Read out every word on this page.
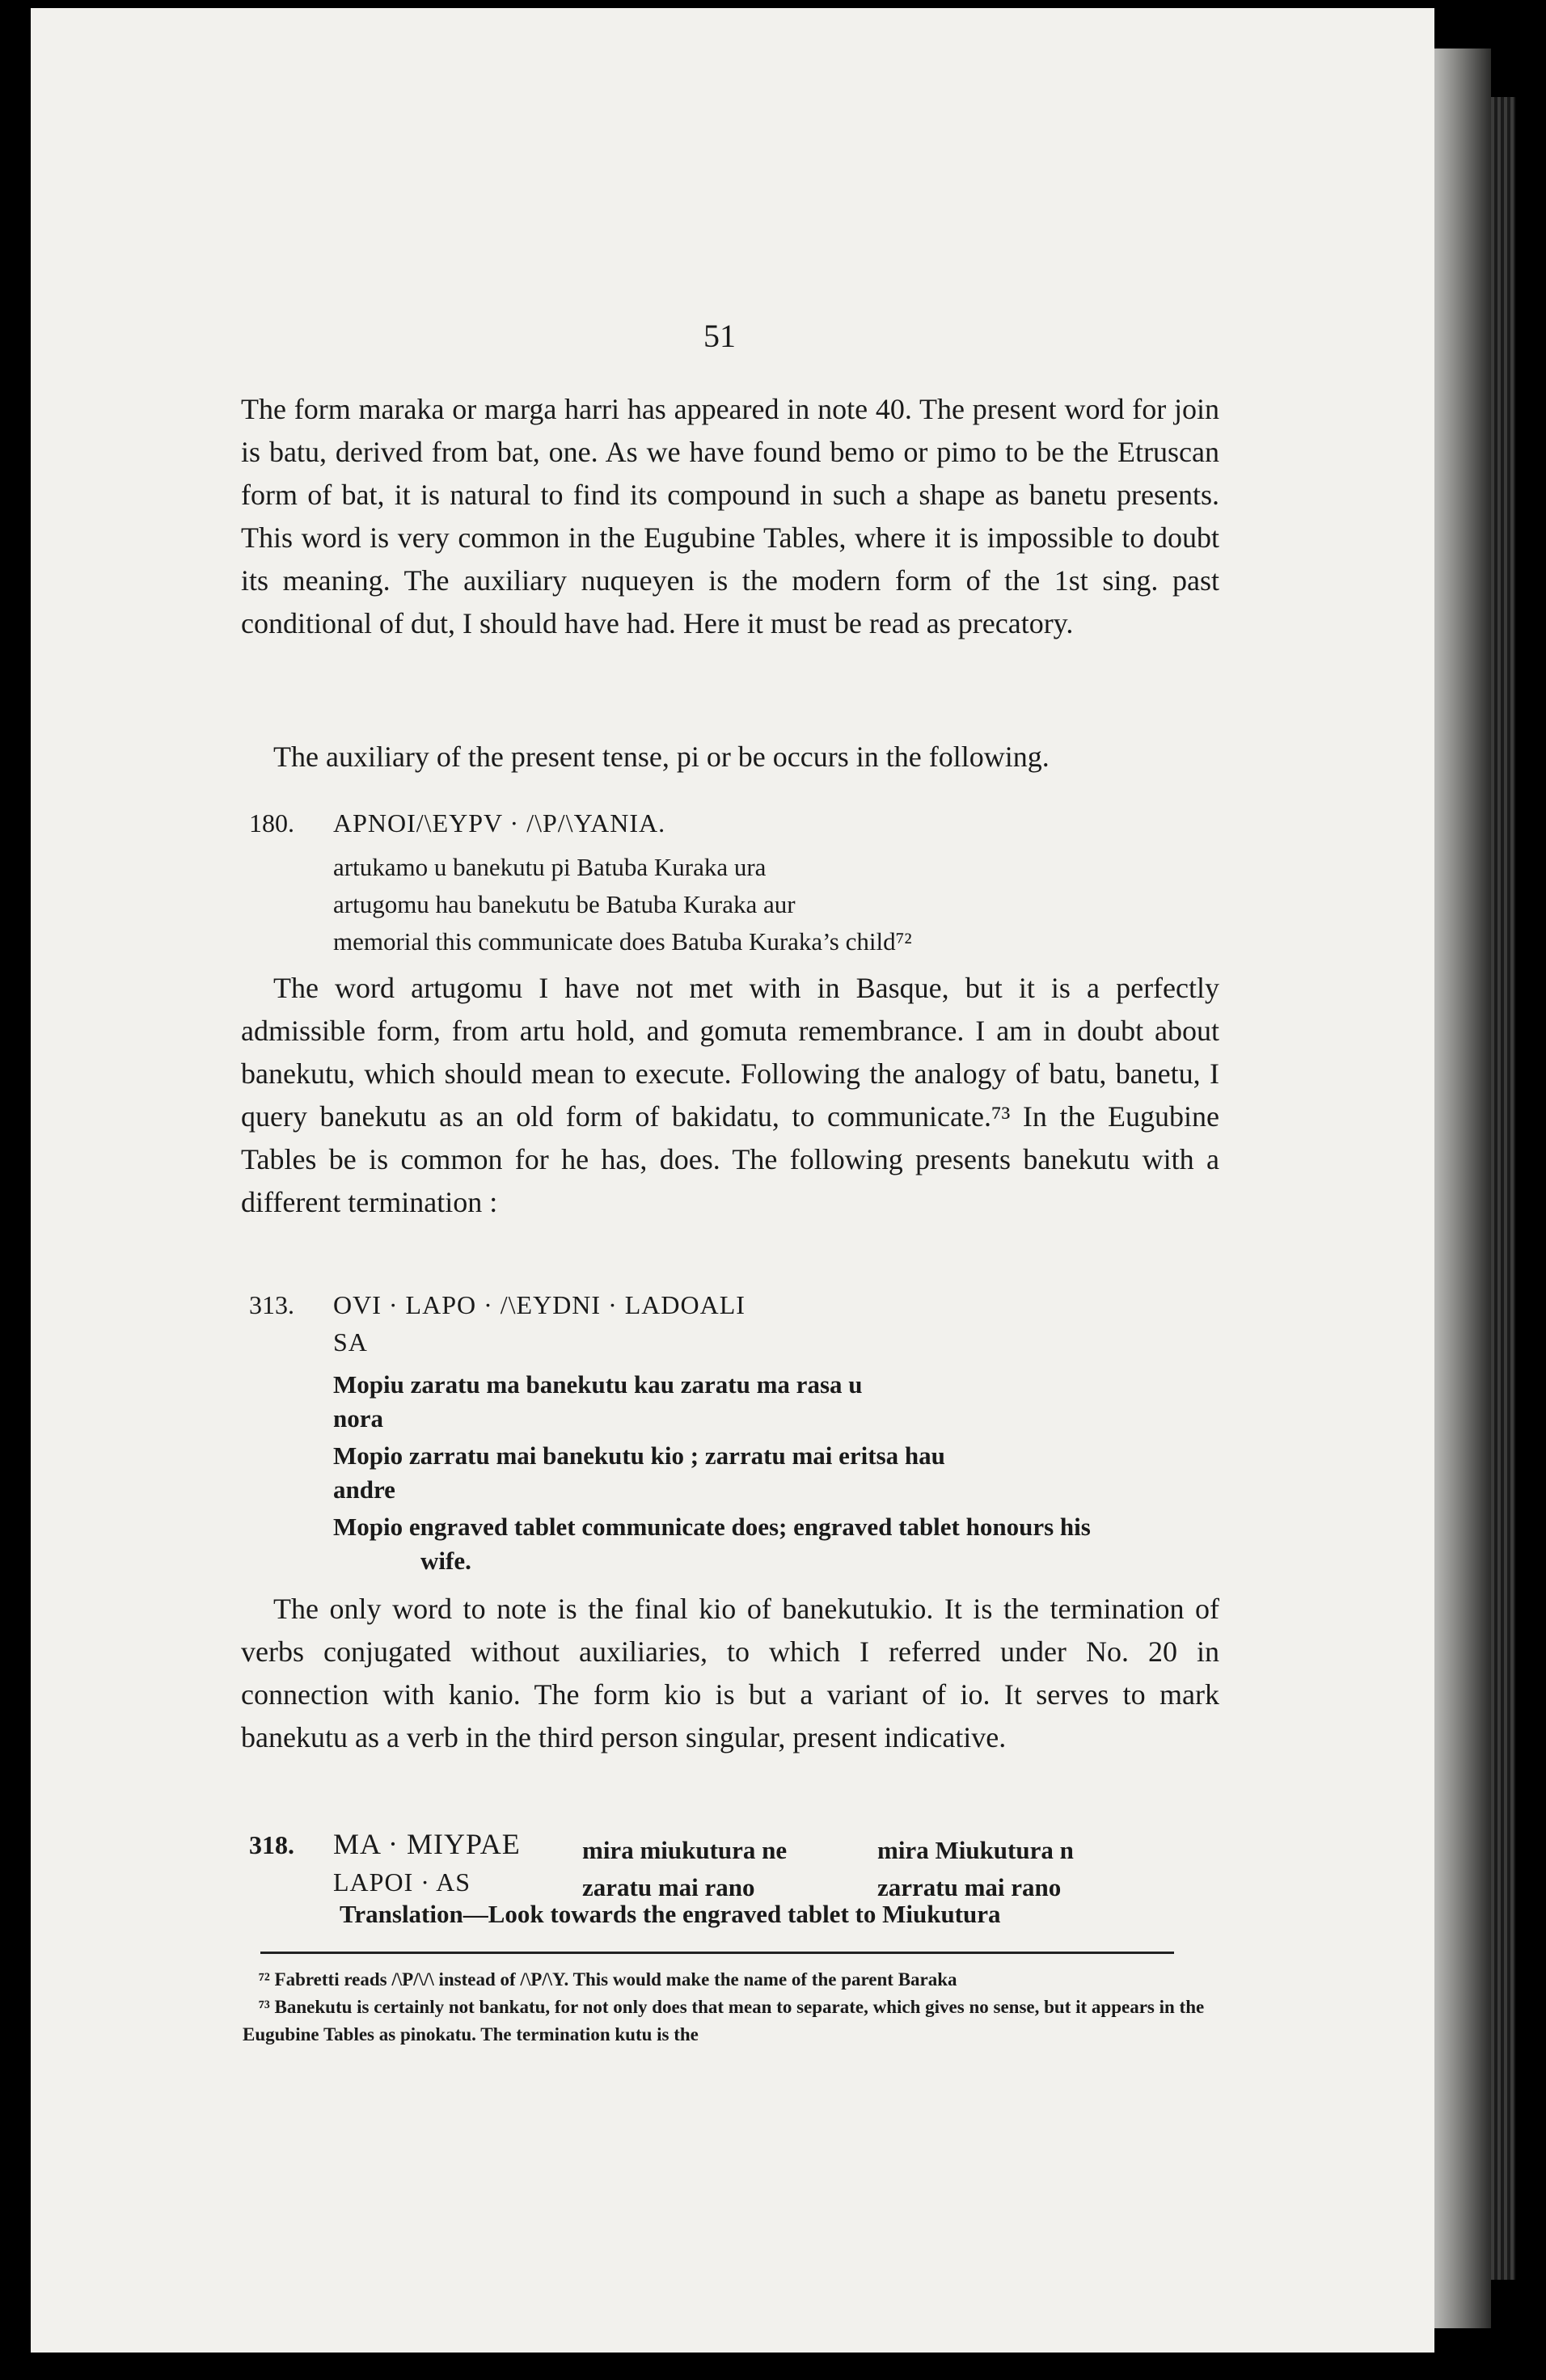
51

The form maraka or marga harri has appeared in note 40. The present word for join is batu, derived from bat, one. As we have found bemo or pimo to be the Etruscan form of bat, it is natural to find its compound in such a shape as banetu presents. This word is very common in the Eugubine Tables, where it is impossible to doubt its meaning. The auxiliary nuqueyen is the modern form of the 1st sing. past conditional of dut, I should have had. Here it must be read as precatory.

The auxiliary of the present tense, pi or be occurs in the following.

180. APNOI/\EYPV · /\P/\YANIA.
artukamo u banekutu pi Batuba Kuraka ura
artugomu hau banekutu be Batuba Kuraka aur
memorial this communicate does Batuba Kuraka’s child⁷²

The word artugomu I have not met with in Basque, but it is a perfectly admissible form, from artu hold, and gomuta remembrance. I am in doubt about banekutu, which should mean to execute. Following the analogy of batu, banetu, I query banekutu as an old form of bakidatu, to communicate.⁷³ In the Eugubine Tables be is common for he has, does. The following presents banekutu with a different termination :

313. OVI · LAPO · /\EYDNI · LADOALI
SA
Mopiu zaratu ma banekutu kau zaratu ma rasa u
nora
Mopio zarratu mai banekutu kio ; zarratu mai eritsa hau
andre
Mopio engraved tablet communicate does; engraved tablet honours his
wife.

The only word to note is the final kio of banekutukio. It is the termination of verbs conjugated without auxiliaries, to which I referred under No. 20 in connection with kanio. The form kio is but a variant of io. It serves to mark banekutu as a verb in the third person singular, present indicative.

318. MA · MIYPAE
LAPOI · AS
mira miukutura ne
zaratu mai rano
mira Miukutura n
zarratu mai rano
Translation—Look towards the engraved tablet to Miukutura

⁷² Fabretti reads /\P/\/\ instead of /\P/\Y. This would make the name of the parent Baraka

⁷³ Banekutu is certainly not bankatu, for not only does that mean to separate, which gives no sense, but it appears in the Eugubine Tables as pinokatu. The termination kutu is the
